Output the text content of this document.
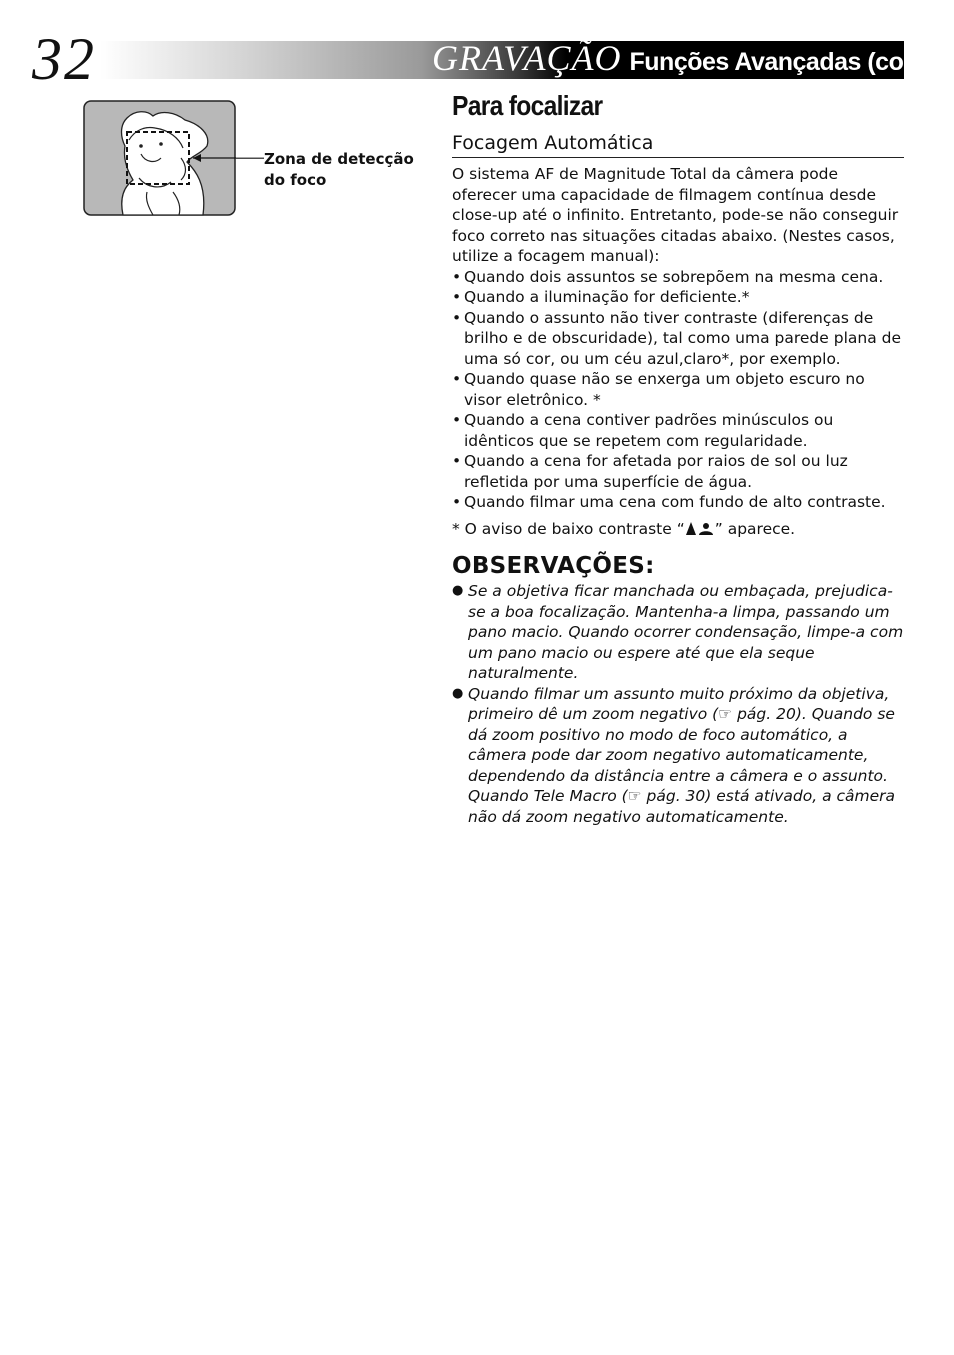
32	GRAVAÇÃO Funções Avançadas (cont.)
Zona de detecção do foco
Para focalizar
Focagem Automática

O sistema AF de Magnitude Total da câmera pode oferecer uma capacidade de filmagem contínua desde close-up até o infinito. Entretanto, pode-se não conseguir foco correto nas situações citadas abaixo. (Nestes casos, utilize a focagem manual):

• Quando dois assuntos se sobrepõem na mesma cena.
• Quando a iluminação for deficiente.*
• Quando o assunto não tiver contraste (diferenças de brilho e de obscuridade), tal como uma parede plana de uma só cor, ou um céu azul,claro*, por exemplo.
• Quando quase não se enxerga um objeto escuro no visor eletrônico. *
• Quando a cena contiver padrões minúsculos ou idênticos que se repetem com regularidade.
• Quando a cena for afetada por raios de sol ou luz refletida por uma superfície de água.
• Quando filmar uma cena com fundo de alto contraste.
* O aviso de baixo contraste “ ” aparece.
OBSERVAÇÕES:
● Se a objetiva ficar manchada ou embaçada, prejudica-se a boa focalização. Mantenha-a limpa, passando um pano macio. Quando ocorrer condensação, limpe-a com um pano macio ou espere até que ela seque naturalmente.
● Quando filmar um assunto muito próximo da objetiva, primeiro dê um zoom negativo (☞ pág. 20). Quando se dá zoom positivo no modo de foco automático, a câmera pode dar zoom negativo automaticamente, dependendo da distância entre a câmera e o assunto. Quando Tele Macro (☞ pág. 30) está ativado, a câmera não dá zoom negativo automaticamente.
